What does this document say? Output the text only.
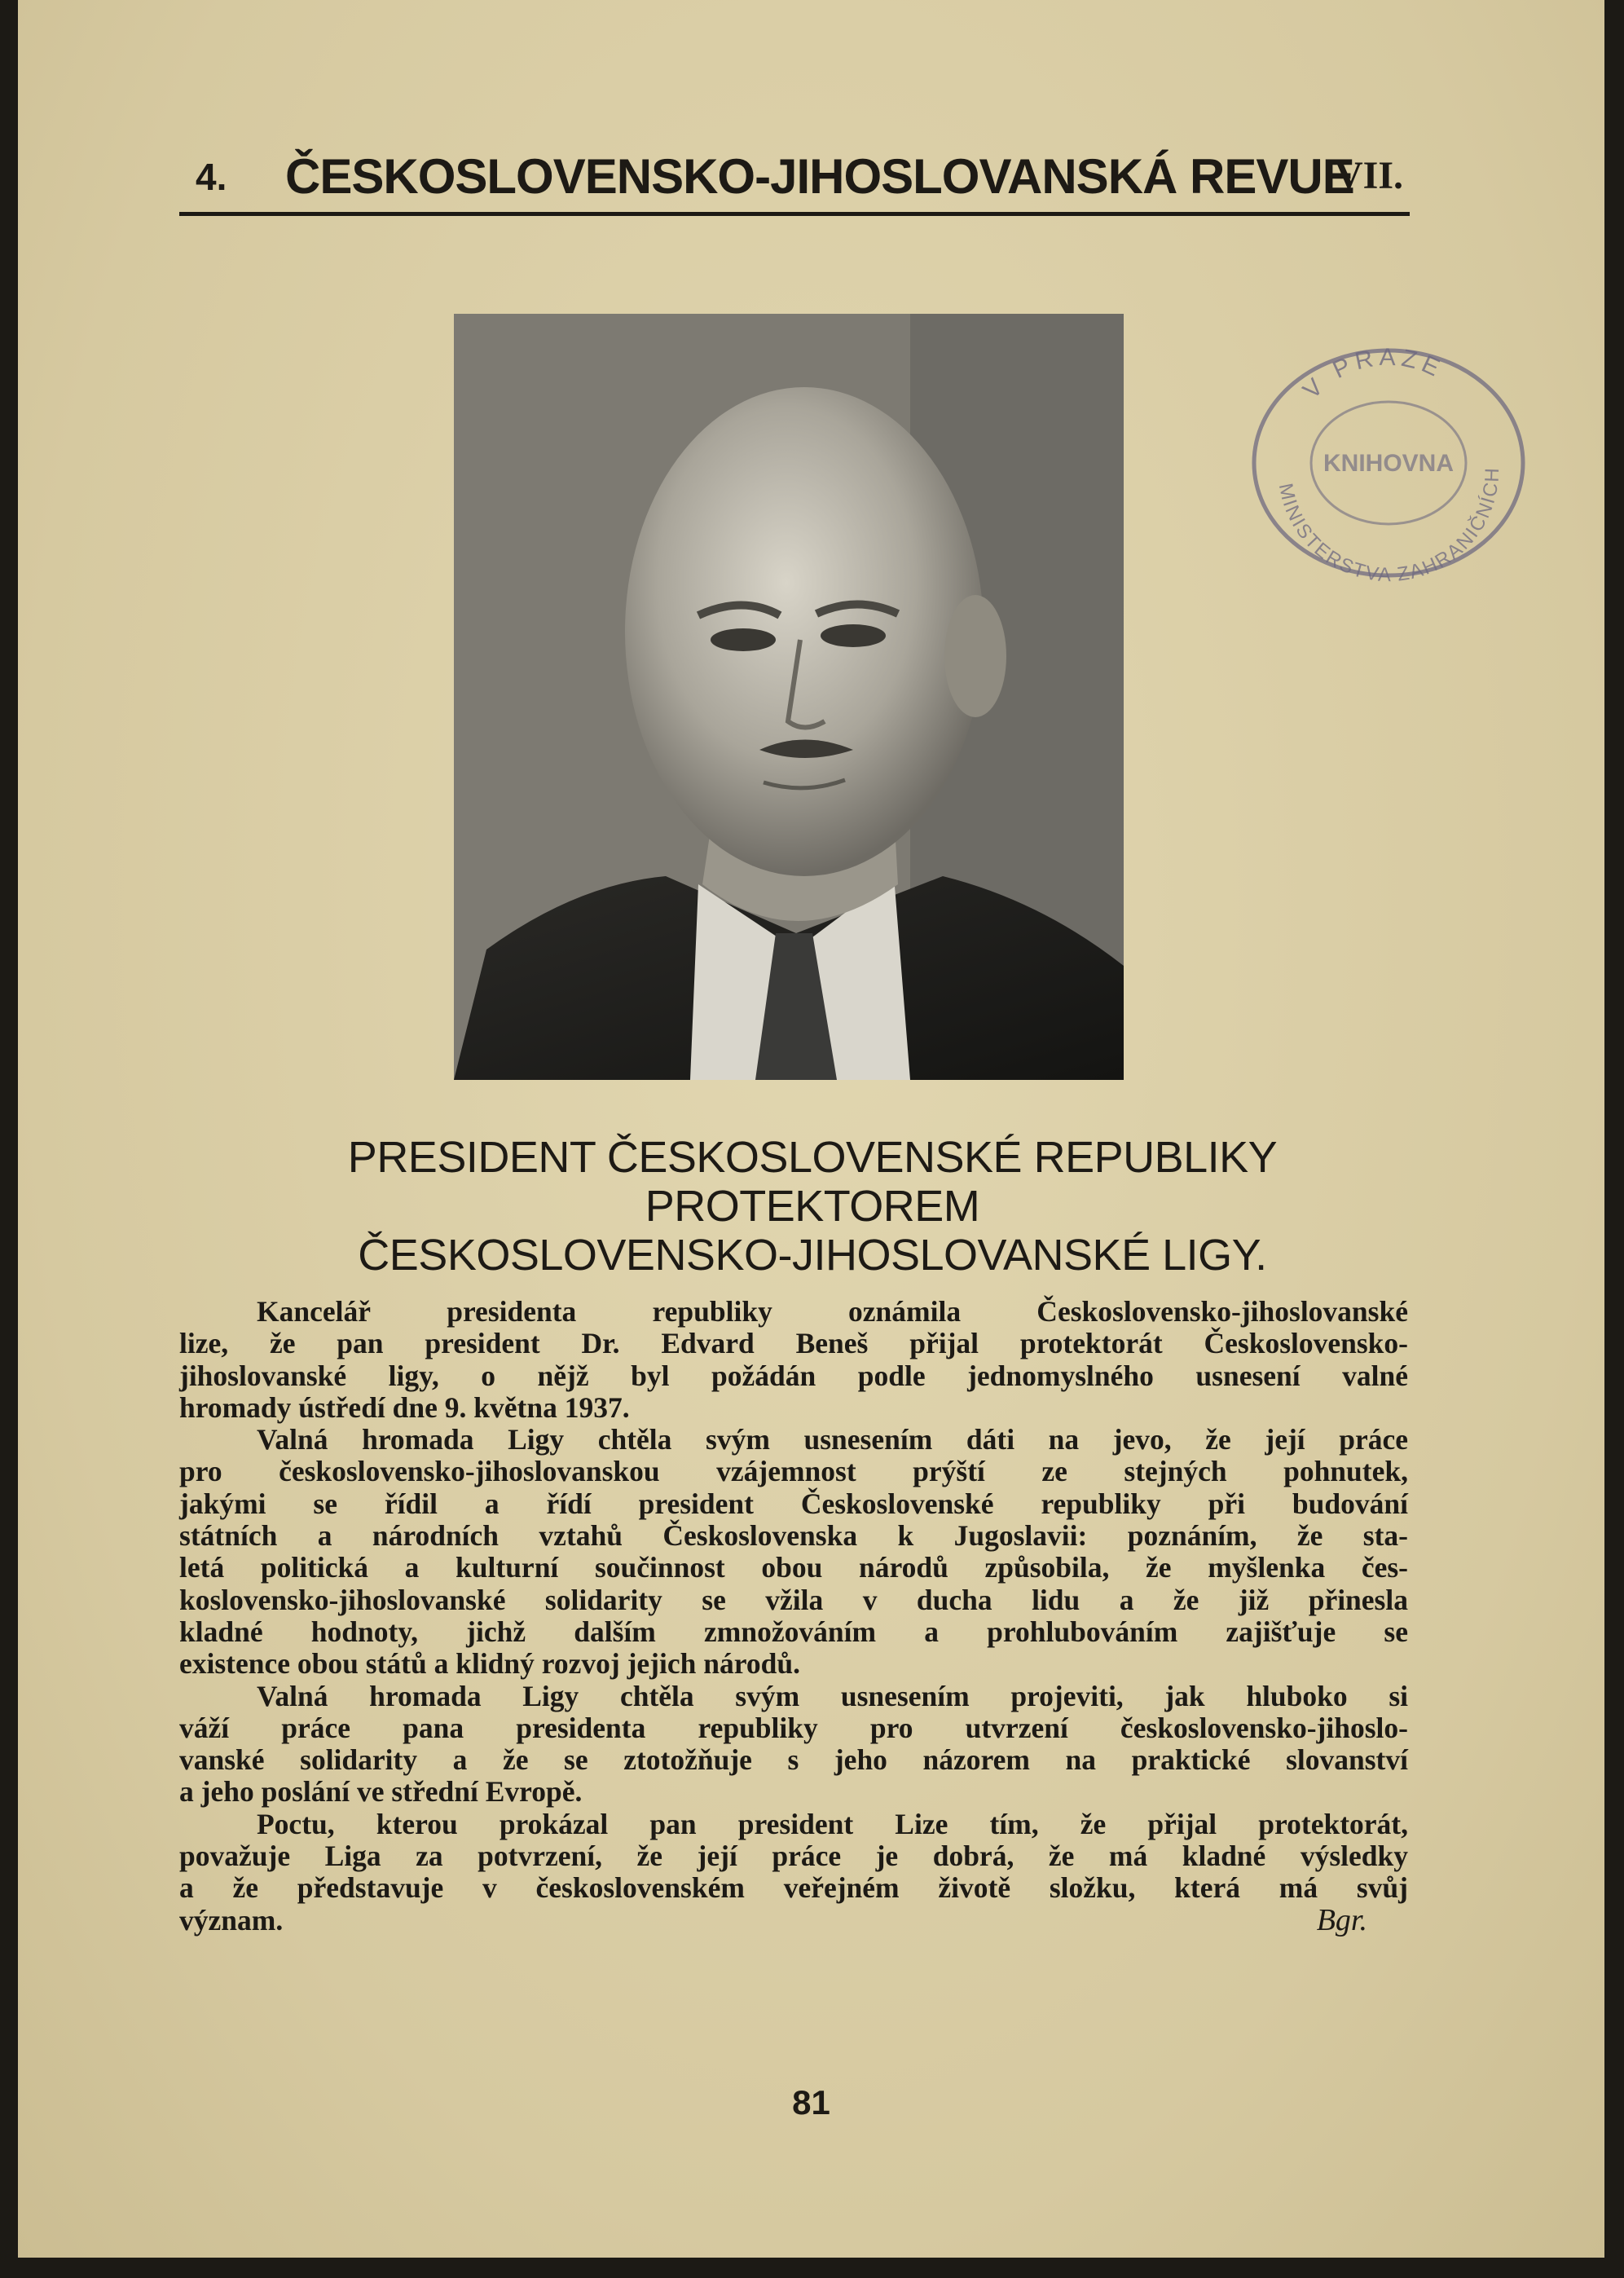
4. ČESKOSLOVENSKO-JIHOSLOVANSKÁ REVUE
VII.
V PRAZE
MINISTERSTVA ZAHRANIČNÍCH
KNIHOVNA
PRESIDENT ČESKOSLOVENSKÉ REPUBLIKY
PROTEKTOREM
ČESKOSLOVENSKO-JIHOSLOVANSKÉ LIGY.

Kancelář presidenta republiky oznámila Československo-jihoslovanské
lize, že pan president Dr. Edvard Beneš přijal protektorát Československo-
jihoslovanské ligy, o nějž byl požádán podle jednomyslného usnesení valné
hromady ústředí dne 9. května 1937.

Valná hromada Ligy chtěla svým usnesením dáti na jevo, že její práce
pro československo-jihoslovanskou vzájemnost prýští ze stejných pohnutek,
jakými se řídil a řídí president Československé republiky při budování
státních a národních vztahů Československa k Jugoslavii: poznáním, že sta-
letá politická a kulturní součinnost obou národů způsobila, že myšlenka čes-
koslovensko-jihoslovanské solidarity se vžila v ducha lidu a že již přinesla
kladné hodnoty, jichž dalším zmnožováním a prohlubováním zajišťuje se
existence obou států a klidný rozvoj jejich národů.

Valná hromada Ligy chtěla svým usnesením projeviti, jak hluboko si
váží práce pana presidenta republiky pro utvrzení československo-jihoslo-
vanské solidarity a že se ztotožňuje s jeho názorem na praktické slovanství
a jeho poslání ve střední Evropě.

Poctu, kterou prokázal pan president Lize tím, že přijal protektorát,
považuje Liga za potvrzení, že její práce je dobrá, že má kladné výsledky
a že představuje v československém veřejném životě složku, která má svůj
význam.	Bgr.

81
